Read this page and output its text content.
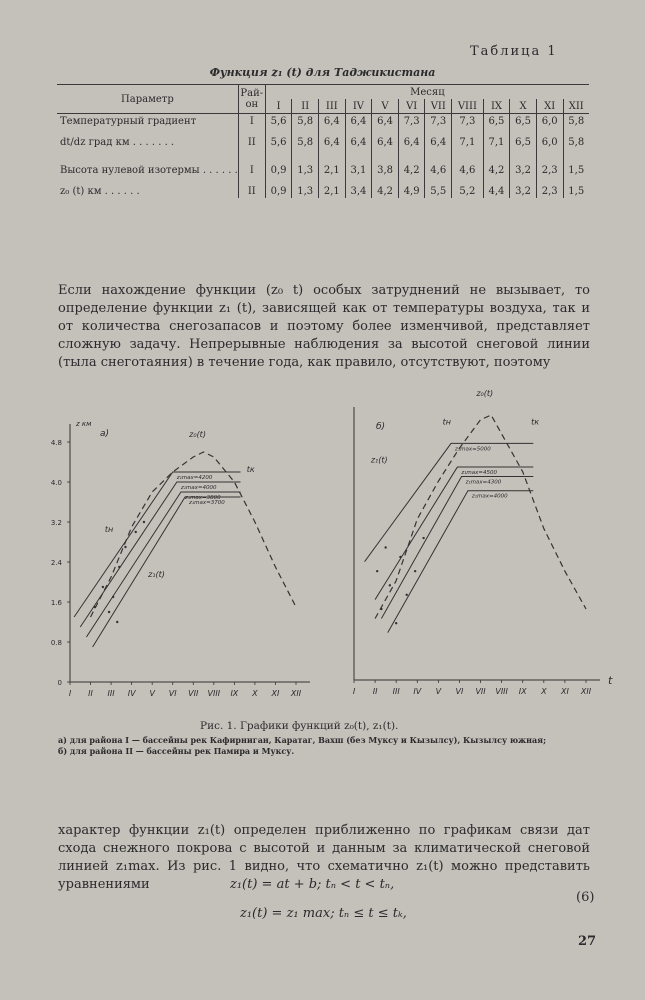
Таблица 1
Функция z₁ (t) для Таджикистана
Параметр	Рай-он	Месяц											
		I	II	III	IV	V	VI	VII	VIII	IX	X	XI	XII
Температурный градиент	I	5,6	5,8	6,4	6,4	6,4	7,3	7,3	7,3	6,5	6,5	6,0	5,8
dt/dz град км . . . . . . .	II	5,6	5,8	6,4	6,4	6,4	6,4	6,4	7,1	7,1	6,5	6,0	5,8
Высота нулевой изотермы . . . . . .	I	0,9	1,3	2,1	3,1	3,8	4,2	4,6	4,6	4,2	3,2	2,3	1,5
z₀ (t) км . . . . . .	II	0,9	1,3	2,1	3,4	4,2	4,9	5,5	5,2	4,4	3,2	2,3	1,5
Если нахождение функции (z₀ t) особых затруднений не вызывает, то определение функции z₁ (t), зависящей как от температуры воздуха, так и от количества снегозапасов и поэтому более изменчивой, представляет сложную задачу. Непрерывные наблюдения за высотой снеговой линии (тыла снеготаяния) в течение года, как правило, отсутствуют, поэтому
I II III IV V VI VII VIII IX X XI XII
0
0.8
1.6
2.4
3.2
4.0
4.8
z км
а)
z₁max=4200
z₁max=4000
z₁max=3800
z₁max=3700
z₀(t)
tн
tк
z₁(t)
I II III IV V VI VII VIII IX X XI XII
t
б)
z₁max=5000
z₁max=4500
z₁max=4300
z₁max=4000
z₀(t)
z₁(t)
tн	tк
Рис. 1. Графики функций z₀(t), z₁(t).
а) для района I — бассейны рек Кафирниган, Каратаг, Вахш (без Муксу и Кызылсу), Кызылсу южная;
б) для района II — бассейны рек Памира и Муксу.
характер функции z₁(t) определен приближенно по графикам связи дат схода снежного покрова с высотой и данным за климатической снеговой линией z₁max. Из рис. 1 видно, что схематично z₁(t) можно представить уравнениями	z₁(t) = at + b; tₙ < t < tₙ,
z₁(t) = z₁ max; tₙ ≤ t ≤ tₖ,
(6)
27
